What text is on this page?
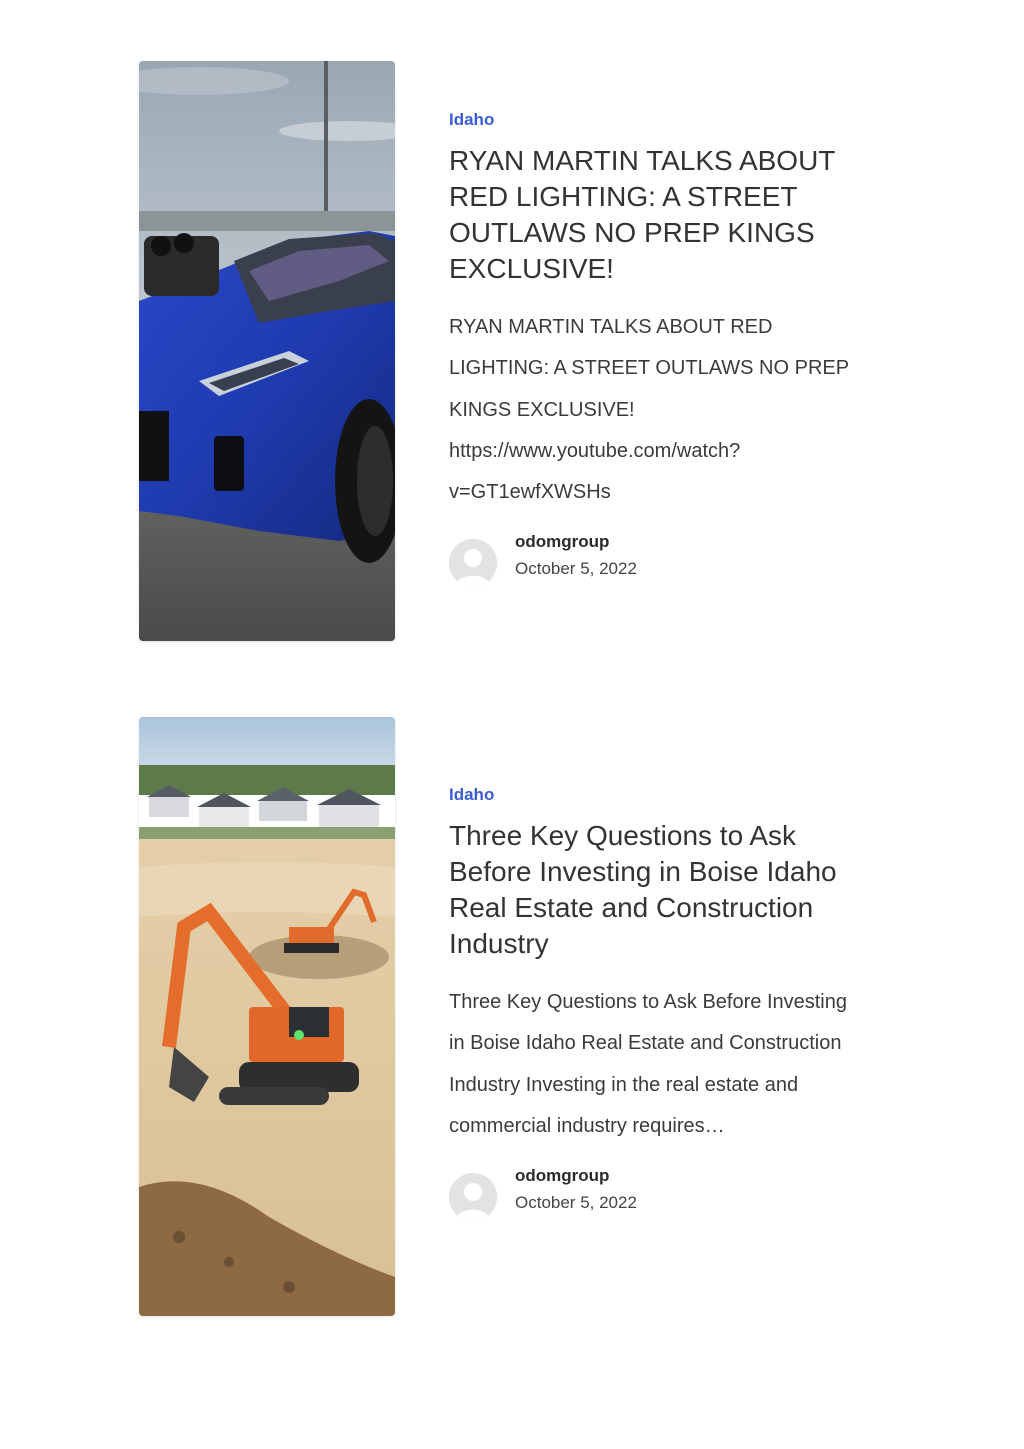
Idaho
RYAN MARTIN TALKS ABOUT RED LIGHTING: A STREET OUTLAWS NO PREP KINGS EXCLUSIVE!

RYAN MARTIN TALKS ABOUT RED LIGHTING: A STREET OUTLAWS NO PREP KINGS EXCLUSIVE! https://www.youtube.com/watch?v=GT1ewfXWSHs

odomgroup
October 5, 2022
Idaho
Three Key Questions to Ask Before Investing in Boise Idaho Real Estate and Construction Industry

Three Key Questions to Ask Before Investing in Boise Idaho Real Estate and Construction Industry Investing in the real estate and commercial industry requires…

odomgroup
October 5, 2022
